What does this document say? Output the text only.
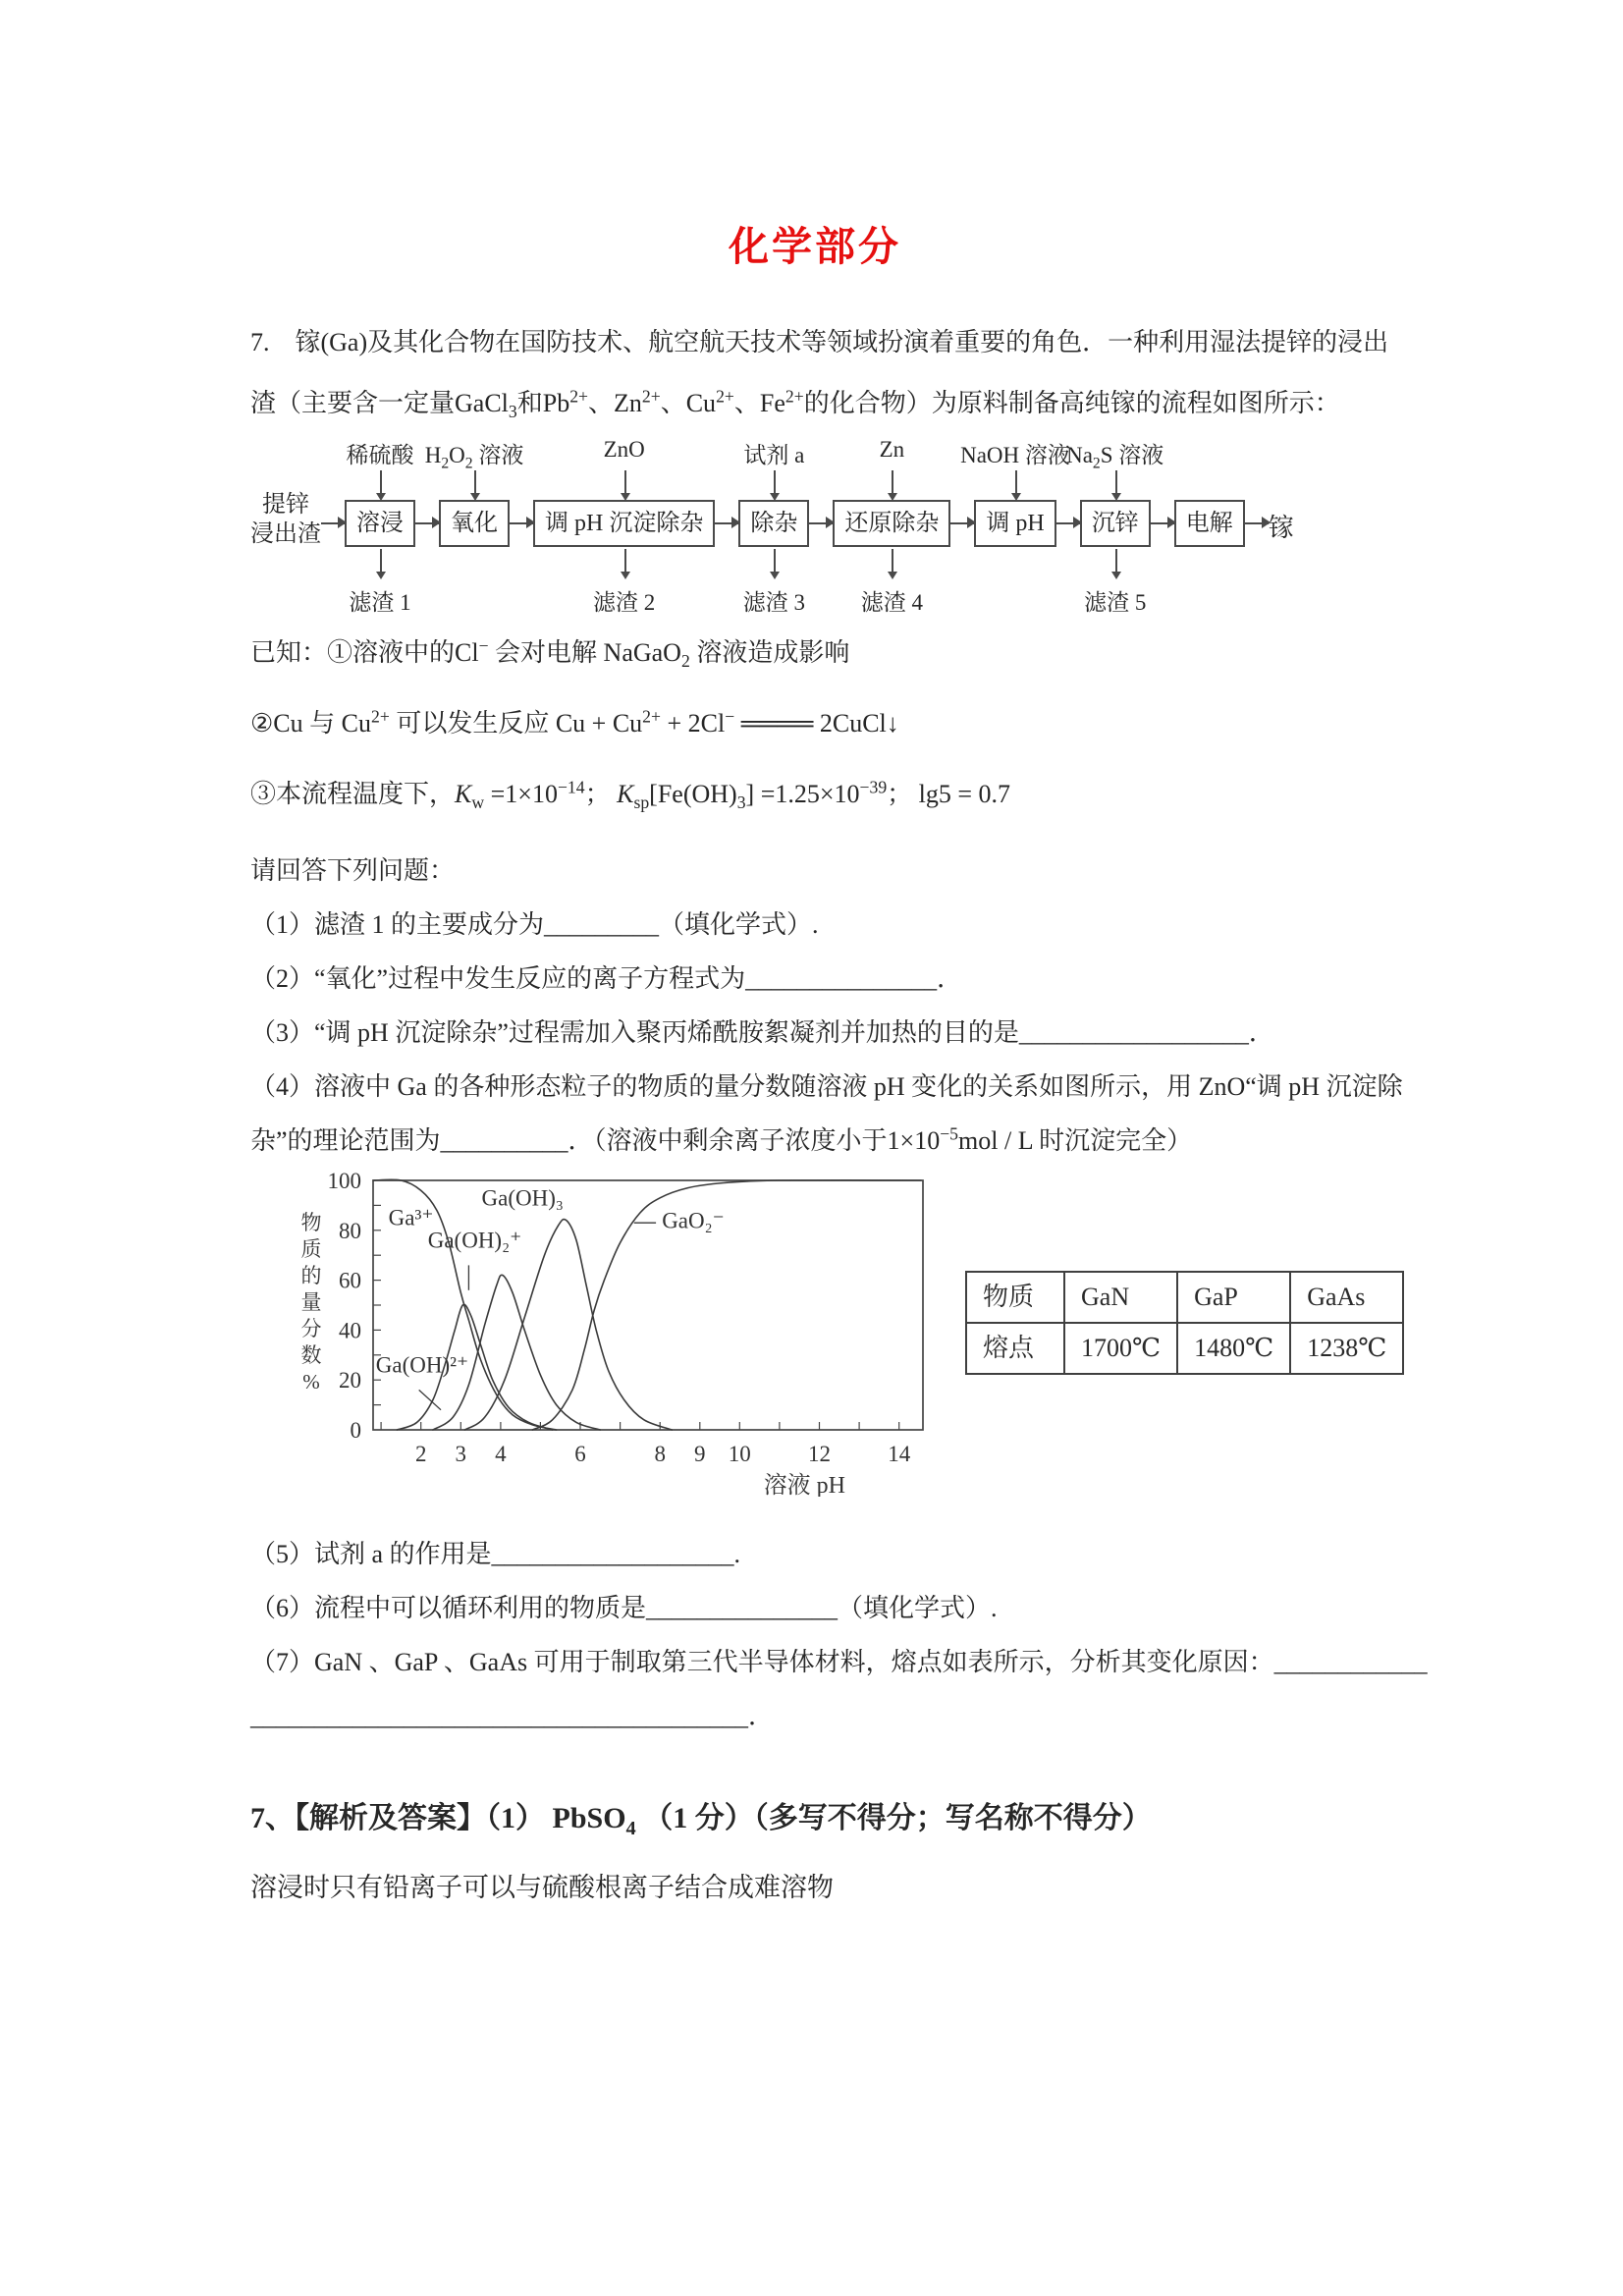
化学部分
7.　镓(Ga)及其化合物在国防技术、航空航天技术等领域扮演着重要的角色．一种利用湿法提锌的浸出
渣（主要含一定量GaCl$_3$和$Pb^{2+}$、$Zn^{2+}$、$Cu^{2+}$、$Fe^{2+}$的化合物）为原料制备高纯镓的流程如图所示：
提锌
浸出渣
稀硫酸
溶浸
滤渣 1
$H_2O_2$ 溶液
氧化
ZnO
调 pH 沉淀除杂
滤渣 2
试剂 a
除杂
滤渣 3
Zn
还原除杂
滤渣 4
NaOH 溶液
调 pH
$Na_2S$ 溶液
沉锌
滤渣 5
电解	镓
已知：①溶液中的Cl− 会对电解 NaGaO$_2$ 溶液造成影响
②Cu 与 $Cu^{2+}$ 可以发生反应 $Cu + Cu^{2+} + 2Cl^-$ ════ 2CuCl↓
③本流程温度下，$K_w =1\times 10^{-14}$； $K_{sp}[Fe(OH)_3] =1.25\times 10^{-39}$； lg5 = 0.7
请回答下列问题：
（1）滤渣 1 的主要成分为_________（填化学式）.
（2）“氧化”过程中发生反应的离子方程式为_______________．
（3）“调 pH 沉淀除杂”过程需加入聚丙烯酰胺絮凝剂并加热的目的是__________________．
（4）溶液中 Ga 的各种形态粒子的物质的量分数随溶液 pH 变化的关系如图所示，用 ZnO“调 pH 沉淀除
杂”的理论范围为__________．（溶液中剩余离子浓度小于$1\times 10^{-5}mol / L$ 时沉淀完全）
0
20
40
60
80
100
2 3 4	6	8 9 10	12	14
Ga³⁺
Ga(OH)₂⁺
Ga(OH)₃
GaO₂⁻
Ga(OH)²⁺
物
质
的
量
分
数
%
溶液 pH
物质	GaN	GaP	GaAs
熔点	1700℃	1480℃	1238℃
（5）试剂 a 的作用是___________________.
（6）流程中可以循环利用的物质是_______________（填化学式）.
（7）GaN 、GaP 、GaAs 可用于制取第三代半导体材料，熔点如表所示，分析其变化原因：____________
_______________________________________．
7、【解析及答案】（1） PbSO$_4$ （1 分）（多写不得分；写名称不得分）
溶浸时只有铅离子可以与硫酸根离子结合成难溶物
